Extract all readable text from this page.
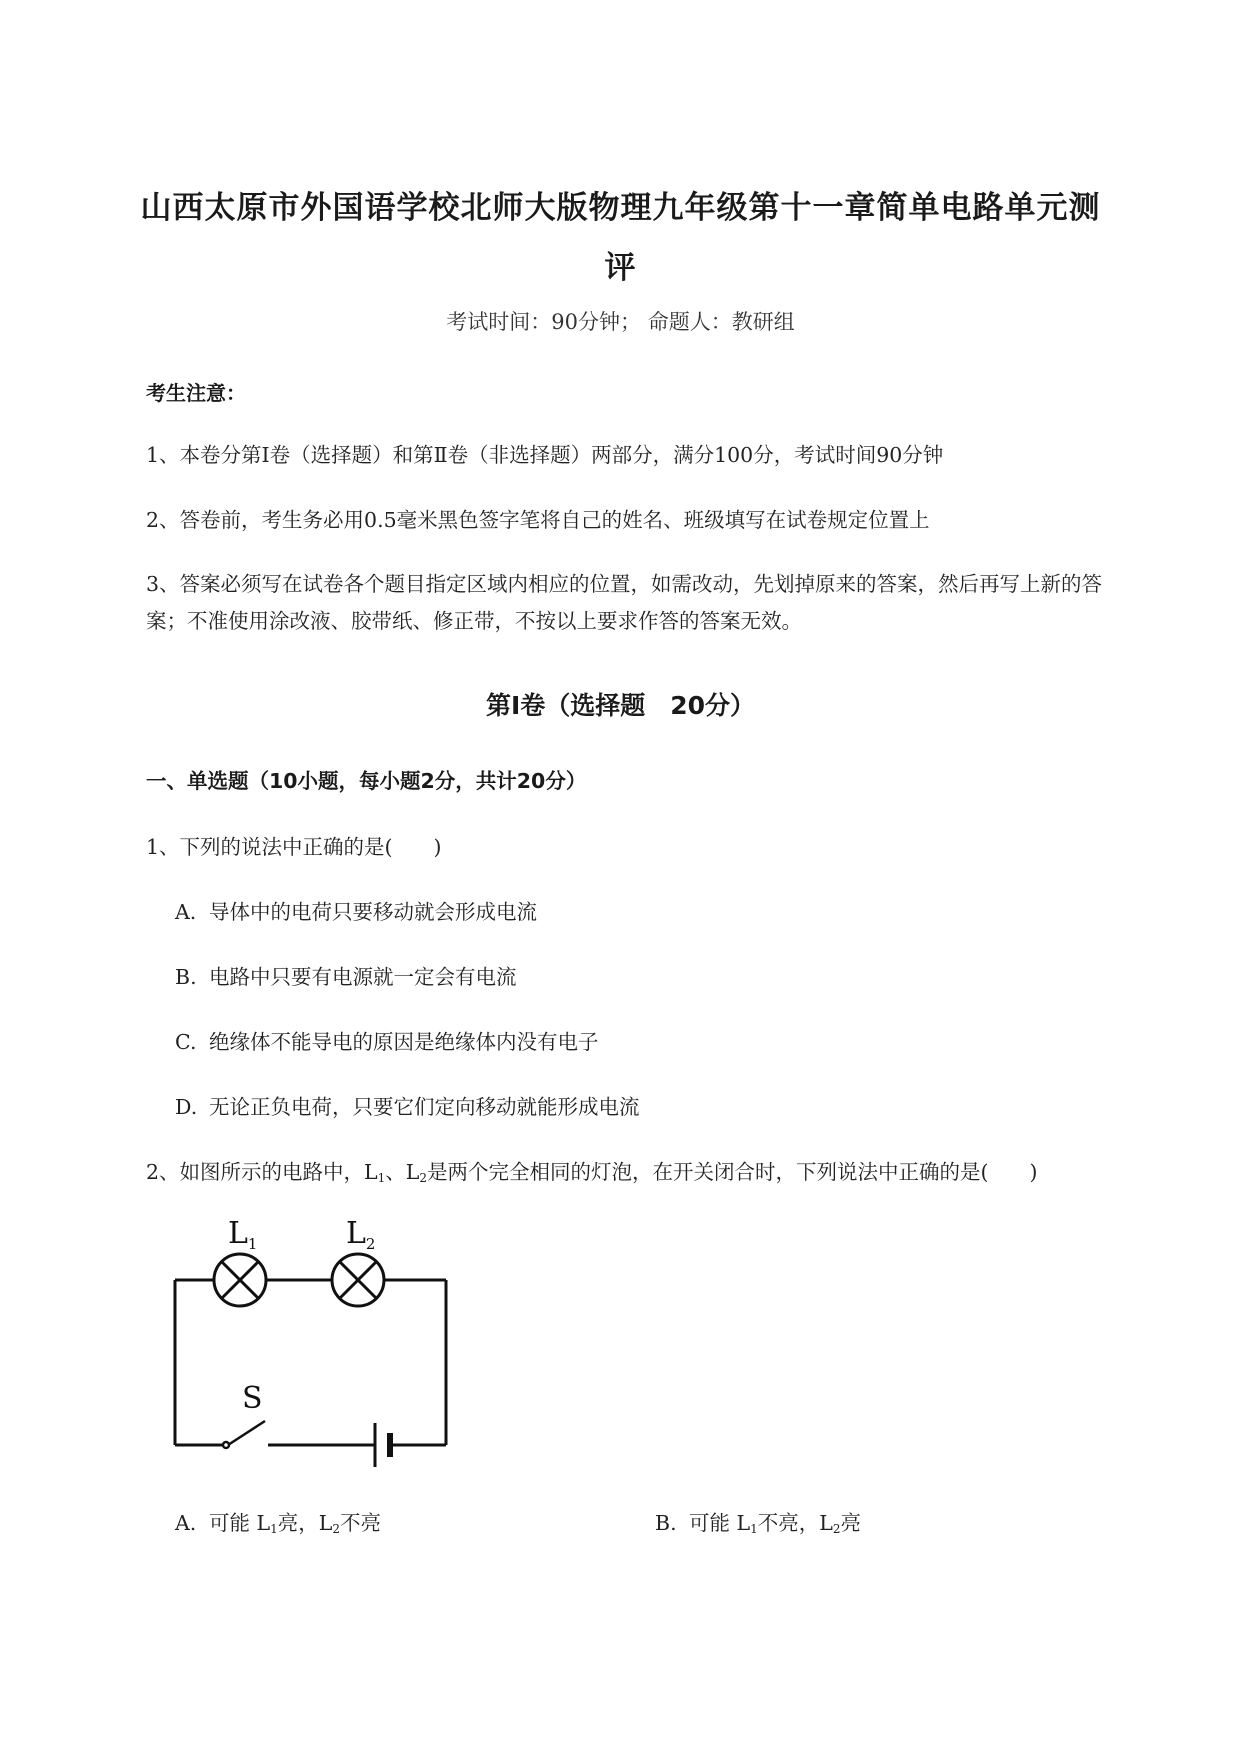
山西太原市外国语学校北师大版物理九年级第十一章简单电路单元测评
考试时间：90分钟； 命题人：教研组
考生注意：
1、本卷分第I卷（选择题）和第Ⅱ卷（非选择题）两部分，满分100分，考试时间90分钟
2、答卷前，考生务必用0.5毫米黑色签字笔将自己的姓名、班级填写在试卷规定位置上
3、答案必须写在试卷各个题目指定区域内相应的位置，如需改动，先划掉原来的答案，然后再写上新的答案；不准使用涂改液、胶带纸、修正带，不按以上要求作答的答案无效。
第I卷（选择题　20分）
一、单选题（10小题，每小题2分，共计20分）
1、下列的说法中正确的是(　　)
A. 导体中的电荷只要移动就会形成电流
B. 电路中只要有电源就一定会有电流
C. 绝缘体不能导电的原因是绝缘体内没有电子
D. 无论正负电荷，只要它们定向移动就能形成电流
2、如图所示的电路中，$L_1$、$L_2$是两个完全相同的灯泡，在开关闭合时，下列说法中正确的是(　　)
$L_1$	$L_2$
S
A. 可能 $L_1$亮，$L_2$不亮	B. 可能 $L_1$不亮，$L_2$亮
